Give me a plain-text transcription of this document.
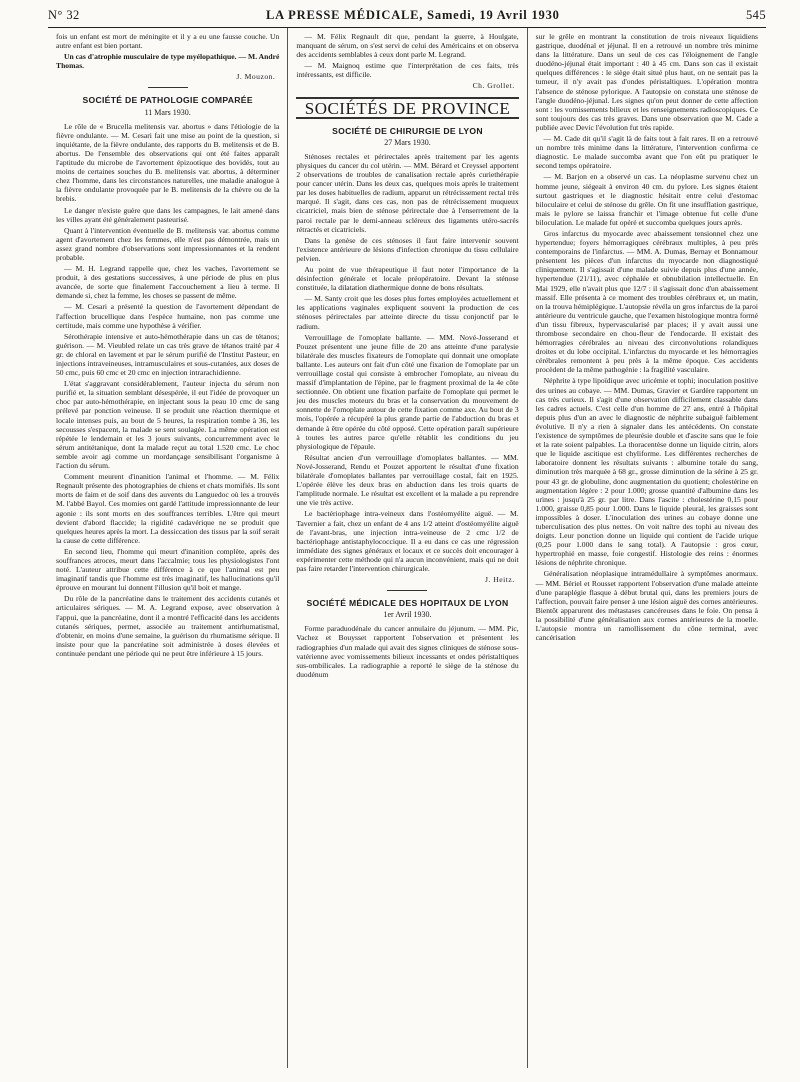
N° 32	LA PRESSE MÉDICALE, Samedi, 19 Avril 1930	545

fois un enfant est mort de méningite et il y a eu une fausse couche. Un autre enfant est bien portant.

Un cas d'atrophie musculaire de type myélopathique. — M. André Thomas.

J. Mouzon.
SOCIÉTÉ DE PATHOLOGIE COMPARÉE
11 Mars 1930.

Le rôle de « Brucella melitensis var. abortus » dans l'étiologie de la fièvre ondulante. — M. Cesari fait une mise au point de la question, si inquiétante, de la fièvre ondulante, des rapports du B. melitensis et de B. abortus. De l'ensemble des observations qui ont été faites apparaît l'aptitude du microbe de l'avortement épizootique des bovidés, tout au moins de certaines souches du B. melitensis var. abortus, à déterminer chez l'homme, dans les circonstances naturelles, une maladie analogue à la fièvre ondulante provoquée par le B. melitensis de la chèvre ou de la brebis.

Le danger n'existe guère que dans les campagnes, le lait amené dans les villes ayant été généralement pasteurisé.

Quant à l'intervention éventuelle de B. melitensis var. abortus comme agent d'avortement chez les femmes, elle n'est pas démontrée, mais un assez grand nombre d'observations sont impressionnantes et la rendent probable.

— M. H. Legrand rappelle que, chez les vaches, l'avortement se produit, à des gestations successives, à une période de plus en plus avancée, de sorte que finalement l'accouchement a lieu à terme. Il demande si, chez la femme, les choses se passent de même.

— M. Cesari a présenté la question de l'avortement dépendant de l'affection brucellique dans l'espèce humaine, non pas comme une certitude, mais comme une hypothèse à vérifier.

Sérothérapie intensive et auto-hémothérapie dans un cas de tétanos; guérison. — M. Vieubled relate un cas très grave de tétanos traité par 4 gr. de chloral en lavement et par le sérum purifié de l'Institut Pasteur, en injections intraveineuses, intramusculaires et sous-cutanées, aux doses de 50 cmc, puis 60 cmc et 20 cmc en injection intrarachidienne.

L'état s'aggravant considérablement, l'auteur injecta du sérum non purifié et, la situation semblant désespérée, il eut l'idée de provoquer un choc par auto-hémothérapie, en injectant sous la peau 10 cmc de sang prélevé par ponction veineuse. Il se produit une réaction thermique et locale intenses puis, au bout de 5 heures, la respiration tombe à 36, les secousses s'espacent, la malade se sent soulagée. La même opération est répétée le lendemain et les 3 jours suivants, concurremment avec le sérum antitétanique, dont la malade reçut au total 1.520 cmc. Le choc semble avoir agi comme un mordançage sensibilisant l'organisme à l'action du sérum.

Comment meurent d'inanition l'animal et l'homme. — M. Félix Regnault présente des photographies de chiens et chats momifiés. Ils sont morts de faim et de soif dans des auvents du Languedoc où les a trouvés M. l'abbé Bayol. Ces momies ont gardé l'attitude impressionnante de leur agonie : ils sont morts en des souffrances terribles. L'être qui meurt devient d'abord flaccide; la rigidité cadavérique ne se produit que quelques heures après la mort. La dessiccation des tissus par la soif serait la cause de cette différence.

En second lieu, l'homme qui meurt d'inanition complète, après des souffrances atroces, meurt dans l'accalmie; tous les physiologistes l'ont noté. L'auteur attribue cette différence à ce que l'animal est peu imaginatif tandis que l'homme est très imaginatif, les hallucinations qu'il éprouve en mourant lui donnent l'illusion qu'il boit et mange.

Du rôle de la pancréatine dans le traitement des accidents cutanés et articulaires sériques. — M. A. Legrand expose, avec observation à l'appui, que la pancréatine, dont il a montré l'efficacité dans les accidents cutanés sériques, permet, associée au traitement antirhumatismal, d'obtenir, en moins d'une semaine, la guérison du rhumatisme sérique. Il insiste pour que la pancréatine soit administrée à doses élevées et continuée pendant une période qui ne peut être inférieure à 15 jours.

— M. Félix Regnault dit que, pendant la guerre, à Houlgate, manquant de sérum, on s'est servi de celui des Américains et on observa des accidents semblables à ceux dont parle M. Legrand.

— M. Maignoq estime que l'interprétation de ces faits, très intéressants, est difficile.

Ch. Grollet.
SOCIÉTÉS DE PROVINCE
SOCIÉTÉ DE CHIRURGIE DE LYON
27 Mars 1930.

Sténoses rectales et périrectales après traitement par les agents physiques du cancer du col utérin. — MM. Bérard et Creyssel apportent 2 observations de troubles de canalisation rectale après curiethérapie pour cancer utérin. Dans les deux cas, quelques mois après le traitement par les doses habituelles de radium, apparut un rétrécissement rectal très marqué. Il s'agit, dans ces cas, non pas de rétrécissement muqueux cicatriciel, mais bien de sténose périrectale due à l'enserrement de la paroi rectale par le demi-anneau scléreux des ligaments utéro-sacrés rétractés et cicatriciels.

Dans la genèse de ces sténoses il faut faire intervenir souvent l'existence antérieure de lésions d'infection chronique du tissu cellulaire pelvien.

Au point de vue thérapeutique il faut noter l'importance de la désinfection générale et locale préopératoire. Devant la sténose constituée, la dilatation diathermique donne de bons résultats.

— M. Santy croit que les doses plus fortes employées actuellement et les applications vaginales expliquent souvent la production de ces sténoses périrectales par atteinte directe du tissu conjonctif par le radium.

Verrouillage de l'omoplate ballante. — MM. Nové-Josserand et Pouzet présentent une jeune fille de 20 ans atteinte d'une paralysie bilatérale des muscles fixateurs de l'omoplate qui donnait une omoplate ballante. Les auteurs ont fait d'un côté une fixation de l'omoplate par un verrouillage costal qui consiste à embrocher l'omoplate, au niveau du massif d'implantation de l'épine, par le fragment proximal de la 4e côte sectionnée. On obtient une fixation parfaite de l'omoplate qui permet le jeu des muscles moteurs du bras et la conservation du mouvement de sonnette de l'omoplate autour de cette fixation comme axe. Au bout de 3 mois, l'opérée a récupéré la plus grande partie de l'abduction du bras et demande à être opérée du côté opposé. Cette opération paraît supérieure à toutes les autres parce qu'elle rétablit les conditions du jeu physiologique de l'épaule.

Résultat ancien d'un verrouillage d'omoplates ballantes. — MM. Nové-Josserand, Rendu et Pouzet apportent le résultat d'une fixation bilatérale d'omoplates ballantes par verrouillage costal, fait en 1925. L'opérée élève les deux bras en abduction dans les trois quarts de l'amplitude normale. Le résultat est excellent et la malade a pu reprendre une vie très active.

Le bactériophage intra-veineux dans l'ostéomyélite aiguë. — M. Tavernier a fait, chez un enfant de 4 ans 1/2 atteint d'ostéomyélite aiguë de l'avant-bras, une injection intra-veineuse de 2 cmc 1/2 de bactériophage antistaphylococcique. Il a eu dans ce cas une régression immédiate des signes généraux et locaux et ce succès doit encourager à expérimenter cette méthode qui n'a aucun inconvénient, mais qui ne doit pas faire retarder l'intervention chirurgicale.

J. Heitz.
SOCIÉTÉ MÉDICALE DES HOPITAUX DE LYON
1er Avril 1930.

Forme paraduodénale du cancer annulaire du jéjunum. — MM. Pic, Vachez et Bouysset rapportent l'observation et présentent les radiographies d'un malade qui avait des signes cliniques de sténose sous-vatérienne avec vomissements bilieux incessants et ondes péristaltiques sus-ombilicales. La radiographie a reporté le siège de la sténose du duodénum

sur le grêle en montrant la constitution de trois niveaux liquidiens gastrique, duodénal et jéjunal. Il en a retrouvé un nombre très minime dans la littérature. Dans un seul de ces cas l'éloignement de l'angle duodéno-jéjunal était important : 40 à 45 cm. Dans son cas il existait quelques différences : le siège était situé plus haut, on ne sentait pas la tumeur, il n'y avait pas d'ondes péristaltiques. L'opération montra l'absence de sténose pylorique. A l'autopsie on constata une sténose de l'angle duodéno-jéjunal. Les signes qu'on peut donner de cette affection sont : les vomissements bilieux et les renseignements radioscopiques. Ce sont toujours des cas très graves. Dans une observation que M. Cade a publiée avec Devic l'évolution fut très rapide.

— M. Cade dit qu'il s'agit là de faits tout à fait rares. Il en a retrouvé un nombre très minime dans la littérature, l'intervention confirma ce diagnostic. Le malade succomba avant que l'on eût pu pratiquer le second temps opératoire.

— M. Barjon en a observé un cas. La néoplasme survenu chez un homme jeune, siégeait à environ 40 cm. du pylore. Les signes étaient surtout gastriques et le diagnostic hésitait entre celui d'estomac biloculaire et celui de sténose du grêle. On fit une insufflation gastrique, mais le pylore se laissa franchir et l'image obtenue fut celle d'une biloculation. Le malade fut opéré et succomba quelques jours après.

Gros infarctus du myocarde avec abaissement tensionnel chez une hypertendue; foyers hémorragiques cérébraux multiples, à peu près contemporains de l'infarctus. — MM. A. Dumas, Bernay et Bonnamour présentent les pièces d'un infarctus du myocarde non diagnostiqué cliniquement. Il s'agissait d'une malade suivie depuis plus d'une année, hypertendue (21/11), avec céphalée et obnubilation intellectuelle. En Mai 1929, elle n'avait plus que 12/7 : il s'agissait donc d'un abaissement massif. Elle présenta à ce moment des troubles cérébraux et, un matin, on la trouva hémiplégique. L'autopsie révéla un gros infarctus de la paroi antérieure du ventricule gauche, que l'examen histologique montra formé d'un tissu fibreux, hypervascularisé par places; il y avait aussi une thrombose secondaire en chou-fleur de l'endocarde. Il existait des hémorragies cérébrales au niveau des circonvolutions rolandiques droites et du lobe occipital. L'infarctus du myocarde et les hémorragies cérébrales remontent à peu près à la même époque. Ces accidents procèdent de la même pathogénie : la fragilité vasculaire.

Néphrite à type lipoïdique avec uricémie et tophi; inoculation positive des urines au cobaye. — MM. Dumas, Gravier et Gardère rapportent un cas très curieux. Il s'agit d'une observation difficilement classable dans les cadres actuels. C'est celle d'un homme de 27 ans, entré à l'hôpital depuis plus d'un an avec le diagnostic de néphrite subaiguë faiblement évolutive. Il n'y a rien à signaler dans les antécédents. On constate l'existence de symptômes de pleurésie double et d'ascite sans que le foie et la rate soient palpables. La thoracentèse donne un liquide citrin, alors que le liquide ascitique est chyliforme. Les différentes recherches de laboratoire donnent les résultats suivants : albumine totale du sang, diminution très marquée à 68 gr., grosse diminution de la sérine à 25 gr. pour 43 gr. de globuline, donc augmentation du quotient; cholestérine en augmentation légère : 2 pour 1.000; grosse quantité d'albumine dans les urines : jusqu'à 25 gr. par litre. Dans l'ascite : cholestérine 0,15 pour 1.000, graisse 0,85 pour 1.000. Dans le liquide pleural, les graisses sont impossibles à doser. L'inoculation des urines au cobaye donne une tuberculisation des plus nettes. On voit naître des tophi au niveau des doigts. Leur ponction donne un liquide qui contient de l'acide urique (0,25 pour 1.000 dans le sang total). A l'autopsie : gros cœur, hypertrophié en masse, foie congestif. Histologie des reins : énormes lésions de néphrite chronique.

Généralisation néoplasique intramédullaire à symptômes anormaux. — MM. Bériel et Rousset rapportent l'observation d'une malade atteinte d'une paraplégie flasque à début brutal qui, dans les premiers jours de l'affection, pouvait faire penser à une lésion aiguë des cornes antérieures. Bientôt apparurent des métastases cancéreuses dans le foie. On pensa à la possibilité d'une généralisation aux cornes antérieures de la moelle. L'autopsie montra un ramollissement du cône terminal, avec cancérisation
